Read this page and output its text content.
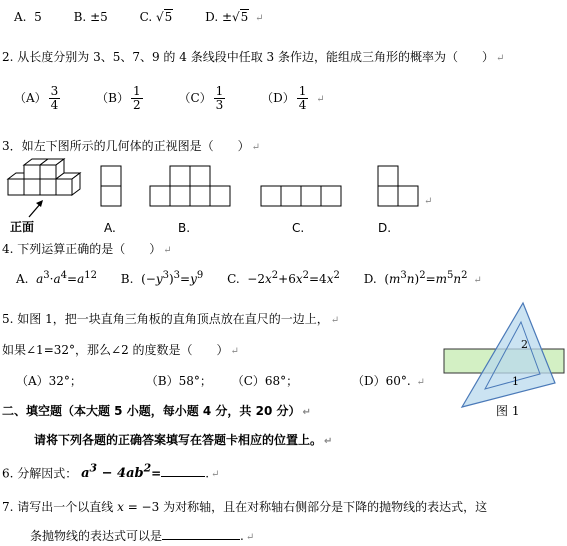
A. 5	B. ±5	C. √5	D. ±√5 ↵
2. 从长度分别为 3、5、7、9 的 4 条线段中任取 3 条作边，能组成三角形的概率为（　　） ↵
$(A) \frac{3}{4}$	$(B) \frac{1}{2}$	$(C) \frac{1}{3}$	$(D) \frac{1}{4}$ ↵
3．如左下图所示的几何体的正视图是（　　） ↵
正面	A.	B.	C.	D.
↵
4. 下列运算正确的是（　　） ↵
A. $a^3\cdot a^4=a^{12}$ B.  $(-y^3)^3=y^9$ C.  $-2x^2+6x^2=4x^2$ D.  $(m^3n)^2=m^5n^2$ ↵
5. 如图 1，把一块直角三角板的直角顶点放在直尺的一边上， ↵
如果∠1=32°，那么∠2 的度数是（　　） ↵
（A）32°；	（B）58°； （C）68°；	（D）60°. ↵
2
1
图 1
二、填空题（本大题 5 小题，每小题 4 分，共 20 分） ↵
请将下列各题的正确答案填写在答题卡相应的位置上。 ↵
6. 分解因式： $a^3 - 4ab^2=$	. ↵
7. 请写出一个以直线 x = −3 为对称轴，且在对称轴右侧部分是下降的抛物线的表达式，这
条抛物线的表达式可以是	. ↵
